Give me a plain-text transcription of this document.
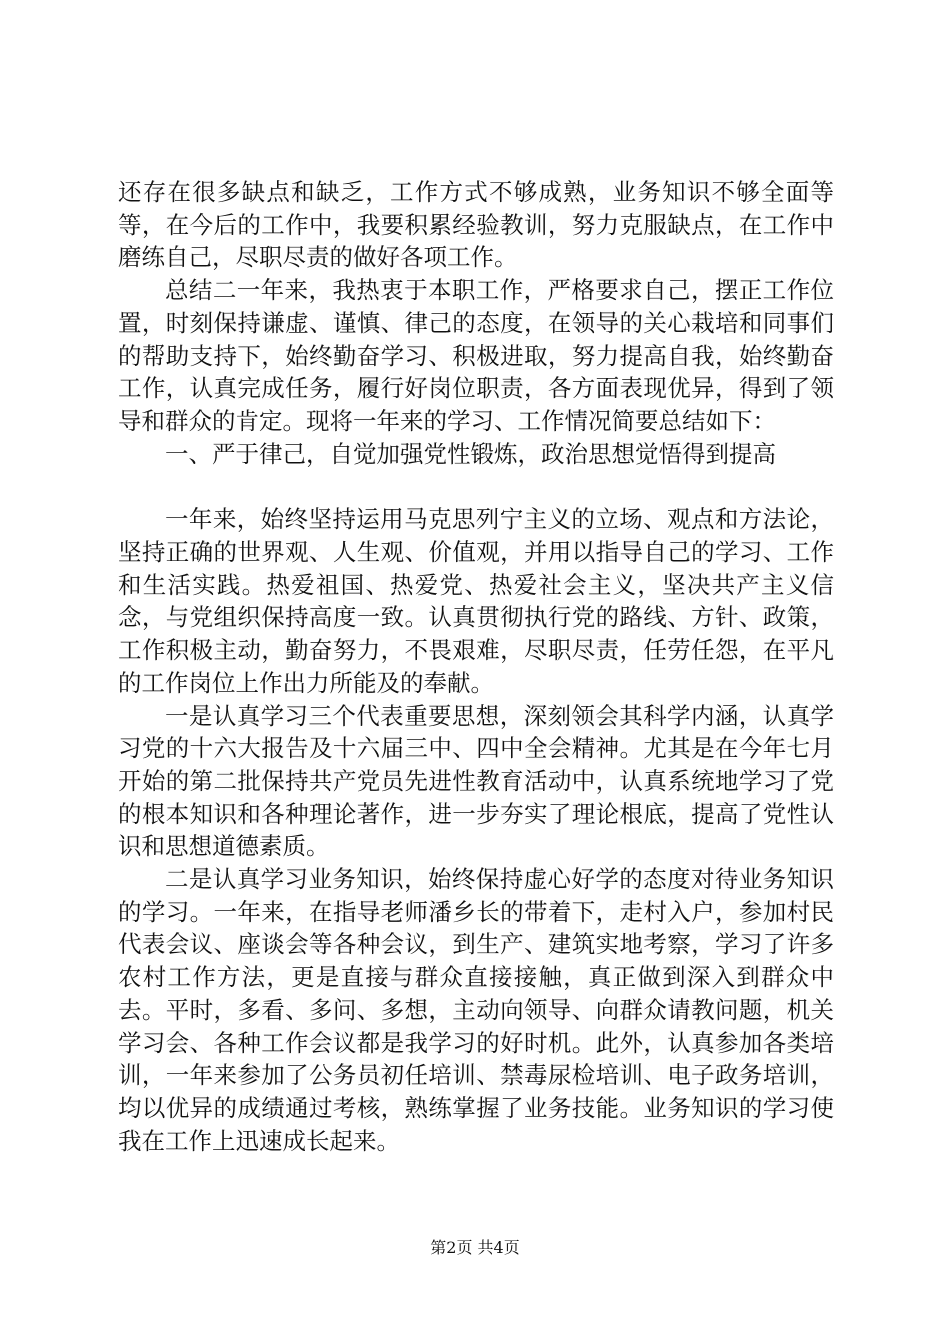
还存在很多缺点和缺乏，工作方式不够成熟，业务知识不够全面等等，在今后的工作中，我要积累经验教训，努力克服缺点，在工作中磨练自己，尽职尽责的做好各项工作。

总结二一年来，我热衷于本职工作，严格要求自己，摆正工作位置，时刻保持谦虚、谨慎、律己的态度，在领导的关心栽培和同事们的帮助支持下，始终勤奋学习、积极进取，努力提高自我，始终勤奋工作，认真完成任务，履行好岗位职责，各方面表现优异，得到了领导和群众的肯定。现将一年来的学习、工作情况简要总结如下：

一、严于律己，自觉加强党性锻炼，政治思想觉悟得到提高

一年来，始终坚持运用马克思列宁主义的立场、观点和方法论，坚持正确的世界观、人生观、价值观，并用以指导自己的学习、工作和生活实践。热爱祖国、热爱党、热爱社会主义，坚决共产主义信念，与党组织保持高度一致。认真贯彻执行党的路线、方针、政策，工作积极主动，勤奋努力，不畏艰难，尽职尽责，任劳任怨，在平凡的工作岗位上作出力所能及的奉献。

一是认真学习三个代表重要思想，深刻领会其科学内涵，认真学习党的十六大报告及十六届三中、四中全会精神。尤其是在今年七月开始的第二批保持共产党员先进性教育活动中，认真系统地学习了党的根本知识和各种理论著作，进一步夯实了理论根底，提高了党性认识和思想道德素质。

二是认真学习业务知识，始终保持虚心好学的态度对待业务知识的学习。一年来，在指导老师潘乡长的带着下，走村入户，参加村民代表会议、座谈会等各种会议，到生产、建筑实地考察，学习了许多农村工作方法，更是直接与群众直接接触，真正做到深入到群众中去。平时，多看、多问、多想，主动向领导、向群众请教问题，机关学习会、各种工作会议都是我学习的好时机。此外，认真参加各类培训，一年来参加了公务员初任培训、禁毒尿检培训、电子政务培训，均以优异的成绩通过考核，熟练掌握了业务技能。业务知识的学习使我在工作上迅速成长起来。

第2页 共4页
